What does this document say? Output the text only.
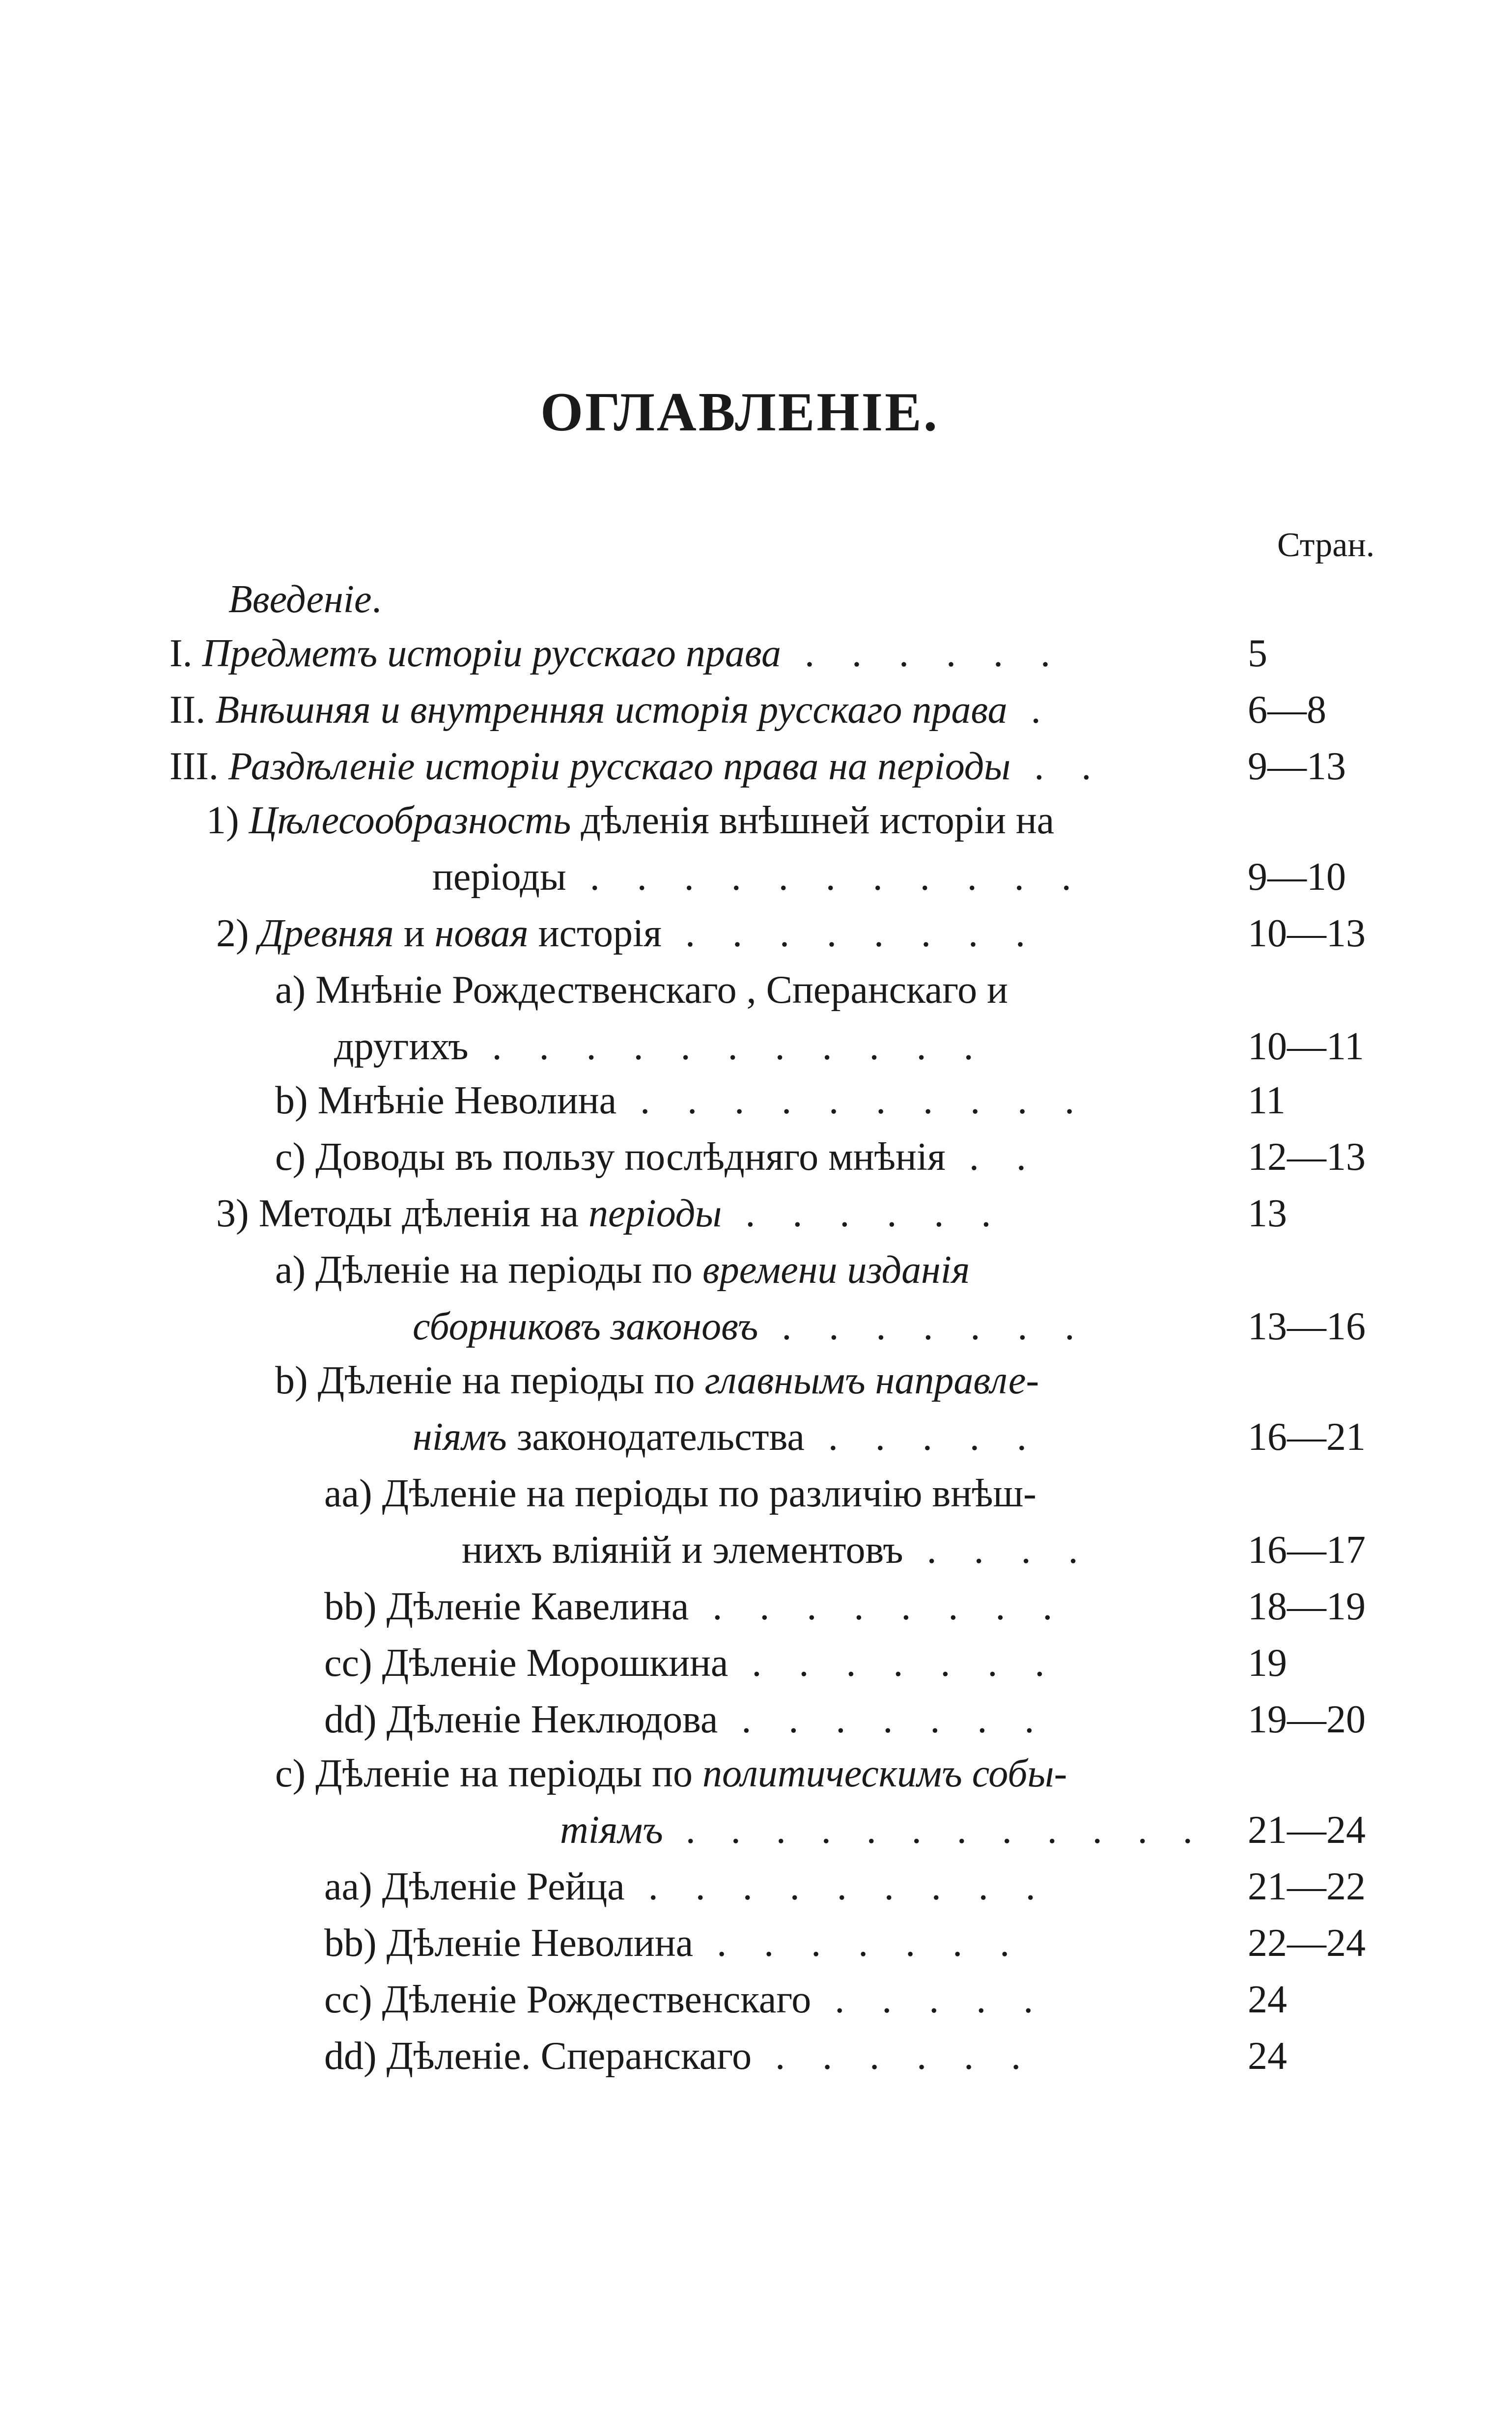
ОГЛАВЛЕНІЕ.
Стран.
Введеніе.
I. Предметъ исторіи русскаго права . . . . . .	5
II. Внѣшняя и внутренняя исторія русскаго права .	6—8
III. Раздѣленіе исторіи русскаго права на періоды . .	9—13
1) Цѣлесообразность дѣленія внѣшней исторіи на
періоды . . . . . . . . . . .	9—10
2) Древняя и новая исторія . . . . . . . .	10—13
a) Мнѣніе Рождественскаго , Сперанскаго и
другихъ . . . . . . . . . . .	10—11
b) Мнѣніе Неволина . . . . . . . . . .	11
c) Доводы въ пользу послѣдняго мнѣнія . .	12—13
3) Методы дѣленія на періоды . . . . . .	13
a) Дѣленіе на періоды по времени изданія
сборниковъ законовъ . . . . . . .	13—16
b) Дѣленіе на періоды по главнымъ направле-
ніямъ законодательства . . . . .	16—21
aa) Дѣленіе на періоды по различію внѣш-
нихъ вліяній и элементовъ . . . .	16—17
bb) Дѣленіе Кавелина . . . . . . . .	18—19
cc) Дѣленіе Морошкина . . . . . . .	19
dd) Дѣленіе Неклюдова . . . . . . .	19—20
c) Дѣленіе на періоды по политическимъ собы-
тіямъ . . . . . . . . . . . . 21—24
aa) Дѣленіе Рейца . . . . . . . . .	21—22
bb) Дѣленіе Неволина . . . . . . .	22—24
cc) Дѣленіе Рождественскаго . . . . .	24
dd) Дѣленіе. Сперанскаго . . . . . .	24
